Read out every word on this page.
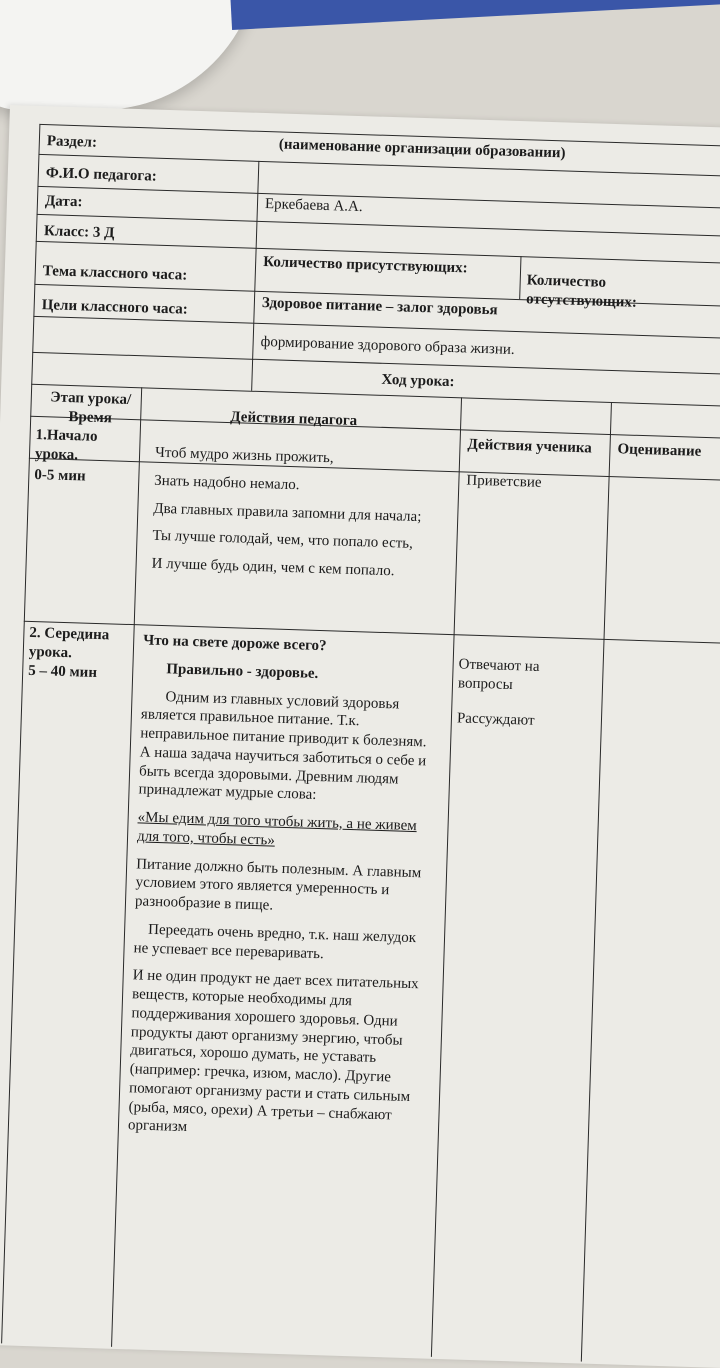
(наименование организации образовании)
Раздел:
Ф.И.О педагога:
Еркебаева А.А.
Дата:
Класс: 3 Д
Количество присутствующих:
Количество отсутствующих:
Тема классного часа:
Здоровое питание – залог здоровья
Цели классного часа:
формирование здорового образа жизни.
Ход урока:
Этап урока/ Время	Действия педагога
Действия ученика Оценивание
1.Начало урока.
0-5 мин

Чтоб мудро жизнь прожить,

Знать надобно немало.

Два главных правила запомни для начала;

Ты лучше голодай, чем, что попало есть,

И лучше будь один, чем с кем попало.

Приветсвие
2. Середина урока.
5 – 40 мин

Что на свете дороже всего?

Правильно - здоровье.

Одним из главных условий здоровья является правильное питание. Т.к. неправильное питание приводит к болезням. А наша задача научиться заботиться о себе и быть всегда здоровыми. Древним людям принадлежат мудрые слова:

«Мы едим для того чтобы жить, а не живем для того, чтобы есть»

Питание должно быть полезным. А главным условием этого является умеренность и разнообразие в пище.

Переедать очень вредно, т.к. наш желудок не успевает все переваривать.

И не один продукт не дает всех питательных веществ, которые необходимы для поддерживания хорошего здоровья. Одни продукты дают организму энергию, чтобы двигаться, хорошо думать, не уставать (например: гречка, изюм, масло). Другие помогают организму расти и стать сильным (рыба, мясо, орехи) А третьи – снабжают организм

Отвечают на вопросы
Рассуждают
